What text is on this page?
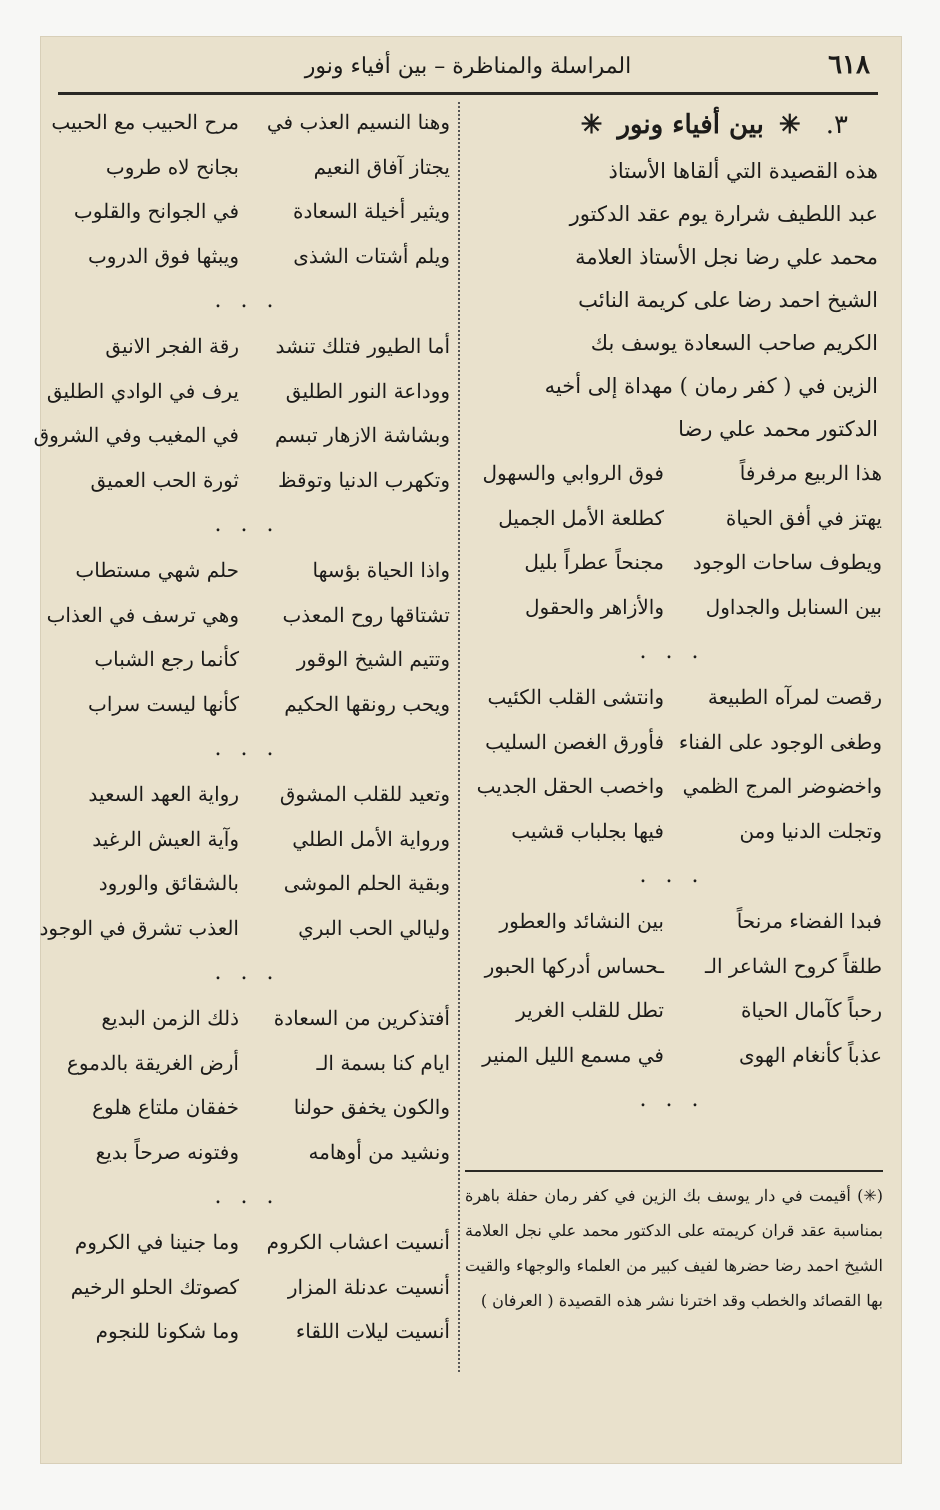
٦١٨
المراسلة والمناظرة – بين أفياء ونور
٣. ✳ بين أفياء ونور ✳

هذه القصيدة التي ألقاها الأستاذ

عبد اللطيف شرارة يوم عقد الدكتور

محمد علي رضا نجل الأستاذ العلامة

الشيخ احمد رضا على كريمة النائب

الكريم صاحب السعادة يوسف بك

الزين في ( كفر رمان ) مهداة إلى أخيه

الدكتور محمد علي رضا

هذا الربيع مرفرفاً
فوق الروابي والسهول
يهتز في أفق الحياة
كطلعة الأمل الجميل
ويطوف ساحات الوجود
مجنحاً عطراً بليل
بين السنابل والجداول
والأزاهر والحقول
. . .
رقصت لمرآه الطبيعة
وانتشى القلب الكئيب
وطغى الوجود على الفناء
فأورق الغصن السليب
واخضوضر المرج الظمي
واخصب الحقل الجديب
وتجلت الدنيا ومن
فيها بجلباب قشيب
. . .
فبدا الفضاء مرنحاً
بين النشائد والعطور
طلقاً كروح الشاعر الـ
ـحساس أدركها الحبور
رحباً كآمال الحياة
تطل للقلب الغرير
عذباً كأنغام الهوى
في مسمع الليل المنير
. . .
وهنا النسيم العذب في
مرح الحبيب مع الحبيب
يجتاز آفاق النعيم
بجانح لاه طروب
ويثير أخيلة السعادة
في الجوانح والقلوب
ويلم أشتات الشذى
ويبثها فوق الدروب
. . .
أما الطيور فتلك تنشد
رقة الفجر الانيق
ووداعة النور الطليق
يرف في الوادي الطليق
وبشاشة الازهار تبسم
في المغيب وفي الشروق
وتكهرب الدنيا وتوقظ
ثورة الحب العميق
. . .
واذا الحياة بؤسها
حلم شهي مستطاب
تشتاقها روح المعذب
وهي ترسف في العذاب
وتتيم الشيخ الوقور
كأنما رجع الشباب
ويحب رونقها الحكيم
كأنها ليست سراب
. . .
وتعيد للقلب المشوق
رواية العهد السعيد
ورواية الأمل الطلي
وآية العيش الرغيد
وبقية الحلم الموشى
بالشقائق والورود
وليالي الحب البري
العذب تشرق في الوجود
. . .
أفتذكرين من السعادة
ذلك الزمن البديع
ايام كنا بسمة الـ
أرض الغريقة بالدموع
والكون يخفق حولنا
خفقان ملتاع هلوع
ونشيد من أوهامه
وفتونه صرحاً بديع
. . .
أنسيت اعشاب الكروم
وما جنينا في الكروم
أنسيت عدنلة المزار
كصوتك الحلو الرخيم
أنسيت ليلات اللقاء
وما شكونا للنجوم

(✳) أقيمت في دار يوسف بك الزين في كفر رمان حفلة باهرة بمناسبة عقد قران كريمته على الدكتور محمد علي نجل العلامة الشيخ احمد رضا حضرها لفيف كبير من العلماء والوجهاء والقيت بها القصائد والخطب وقد اخترنا نشر هذه القصيدة ( العرفان )
